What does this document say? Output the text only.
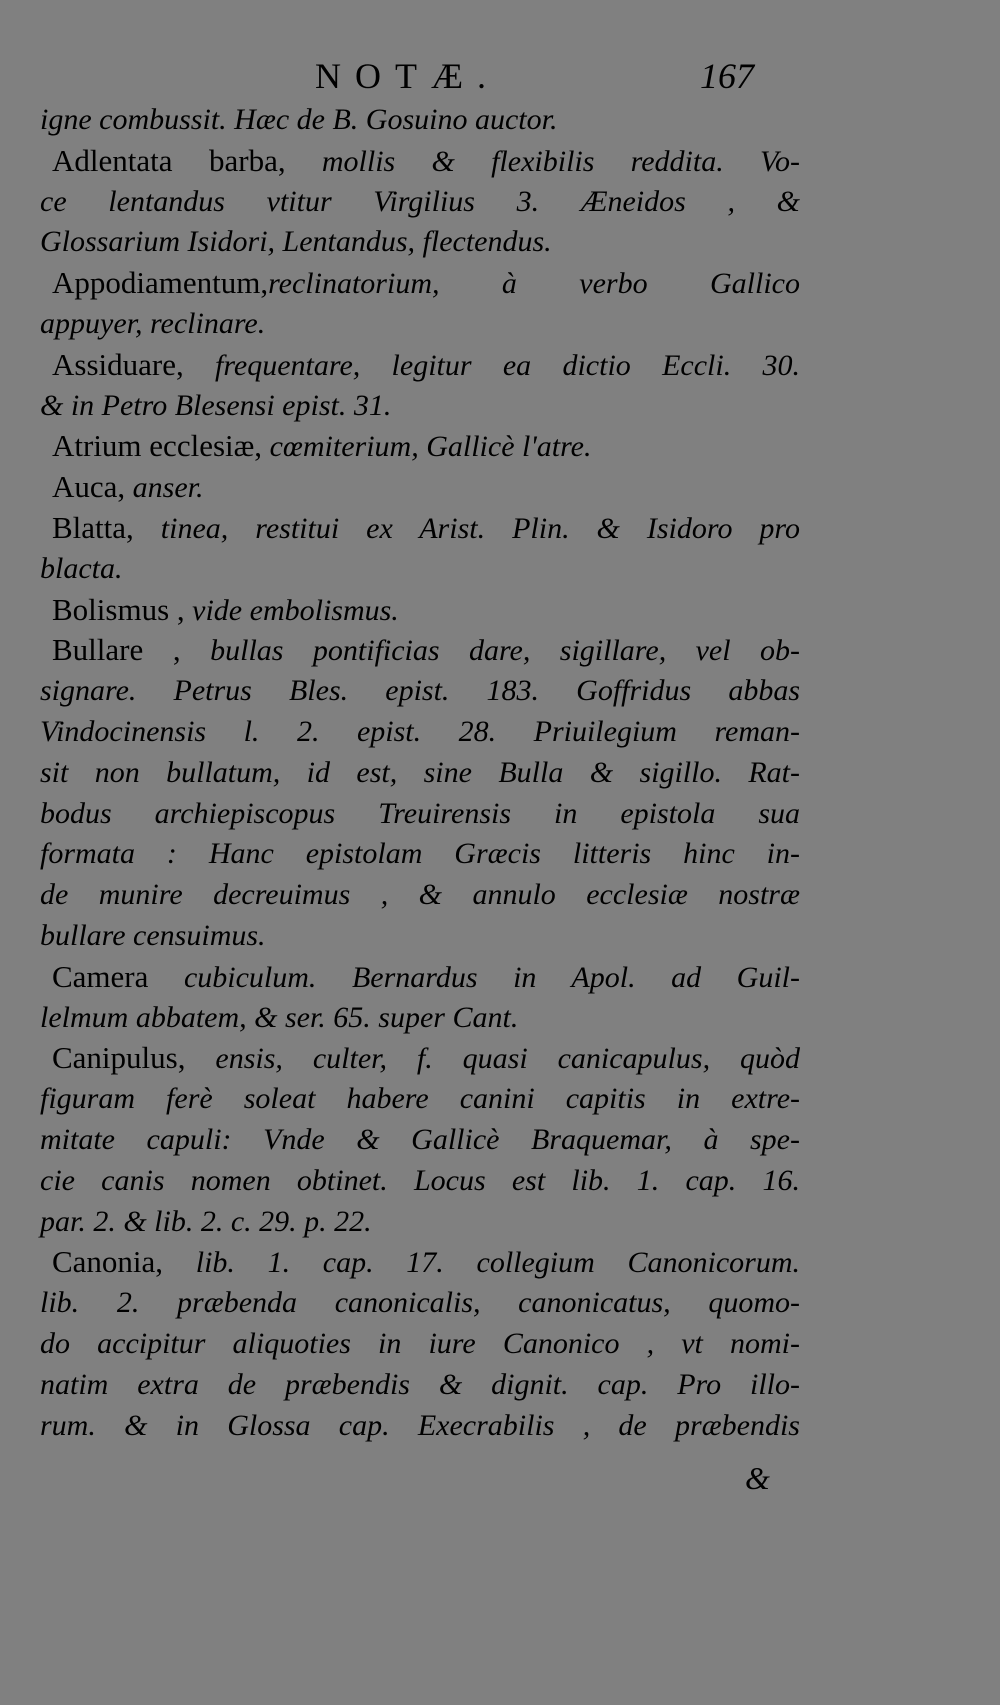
NOTÆ.	167
igne combussit. Hæc de B. Gosuino auctor.
Adlentata barba, mollis & flexibilis reddita. Vo-
ce lentandus vtitur Virgilius 3. Æneidos , &
Glossarium Isidori, Lentandus, flectendus.
Appodiamentum,reclinatorium, à verbo Gallico
appuyer, reclinare.
Assiduare, frequentare, legitur ea dictio Eccli. 30.
& in Petro Blesensi epist. 31.
Atrium ecclesiæ, cœmiterium, Gallicè l'atre.
Auca, anser.
Blatta, tinea, restitui ex Arist. Plin. & Isidoro pro
blacta.
Bolismus , vide embolismus.
Bullare , bullas pontificias dare, sigillare, vel ob-
signare. Petrus Bles. epist. 183. Goffridus abbas
Vindocinensis l. 2. epist. 28. Priuilegium reman-
sit non bullatum, id est, sine Bulla & sigillo. Rat-
bodus archiepiscopus Treuirensis in epistola sua
formata : Hanc epistolam Græcis litteris hinc in-
de munire decreuimus , & annulo ecclesiæ nostræ
bullare censuimus.
Camera cubiculum. Bernardus in Apol. ad Guil-
lelmum abbatem, & ser. 65. super Cant.
Canipulus, ensis, culter, f. quasi canicapulus, quòd
figuram ferè soleat habere canini capitis in extre-
mitate capuli: Vnde & Gallicè Braquemar, à spe-
cie canis nomen obtinet. Locus est lib. 1. cap. 16.
par. 2. & lib. 2. c. 29. p. 22.
Canonia, lib. 1. cap. 17. collegium Canonicorum.
lib. 2. præbenda canonicalis, canonicatus, quomo-
do accipitur aliquoties in iure Canonico , vt nomi-
natim extra de præbendis & dignit. cap. Pro illo-
rum. & in Glossa cap. Execrabilis , de præbendis
&
